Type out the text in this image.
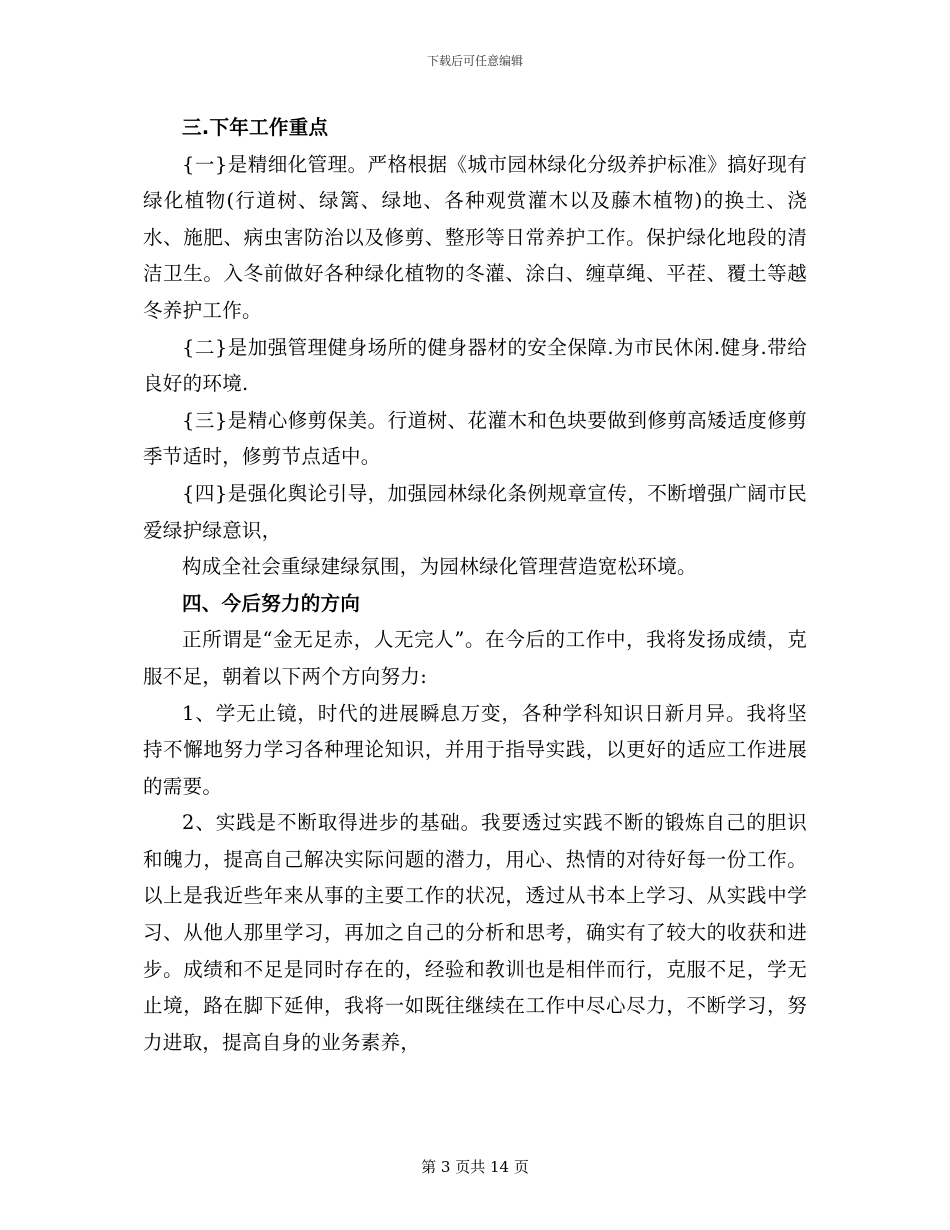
下载后可任意编辑
三.下年工作重点

{一}是精细化管理。严格根据《城市园林绿化分级养护标准》搞好现有绿化植物(行道树、绿篱、绿地、各种观赏灌木以及藤木植物)的换土、浇水、施肥、病虫害防治以及修剪、整形等日常养护工作。保护绿化地段的清洁卫生。入冬前做好各种绿化植物的冬灌、涂白、缠草绳、平茬、覆土等越冬养护工作。

{二}是加强管理健身场所的健身器材的安全保障.为市民休闲.健身.带给良好的环境.

{三}是精心修剪保美。行道树、花灌木和色块要做到修剪高矮适度修剪季节适时，修剪节点适中。

{四}是强化舆论引导，加强园林绿化条例规章宣传，不断增强广阔市民爱绿护绿意识，

构成全社会重绿建绿氛围，为园林绿化管理营造宽松环境。

四、今后努力的方向

正所谓是“金无足赤，人无完人”。在今后的工作中，我将发扬成绩，克服不足，朝着以下两个方向努力:

1、学无止镜，时代的进展瞬息万变，各种学科知识日新月异。我将坚持不懈地努力学习各种理论知识，并用于指导实践，以更好的适应工作进展的需要。

2、实践是不断取得进步的基础。我要透过实践不断的锻炼自己的胆识和魄力，提高自己解决实际问题的潜力，用心、热情的对待好每一份工作。以上是我近些年来从事的主要工作的状况，透过从书本上学习、从实践中学习、从他人那里学习，再加之自己的分析和思考，确实有了较大的收获和进步。成绩和不足是同时存在的，经验和教训也是相伴而行，克服不足，学无止境，路在脚下延伸，我将一如既往继续在工作中尽心尽力，不断学习，努力进取，提高自身的业务素养，

第 3 页共 14 页
